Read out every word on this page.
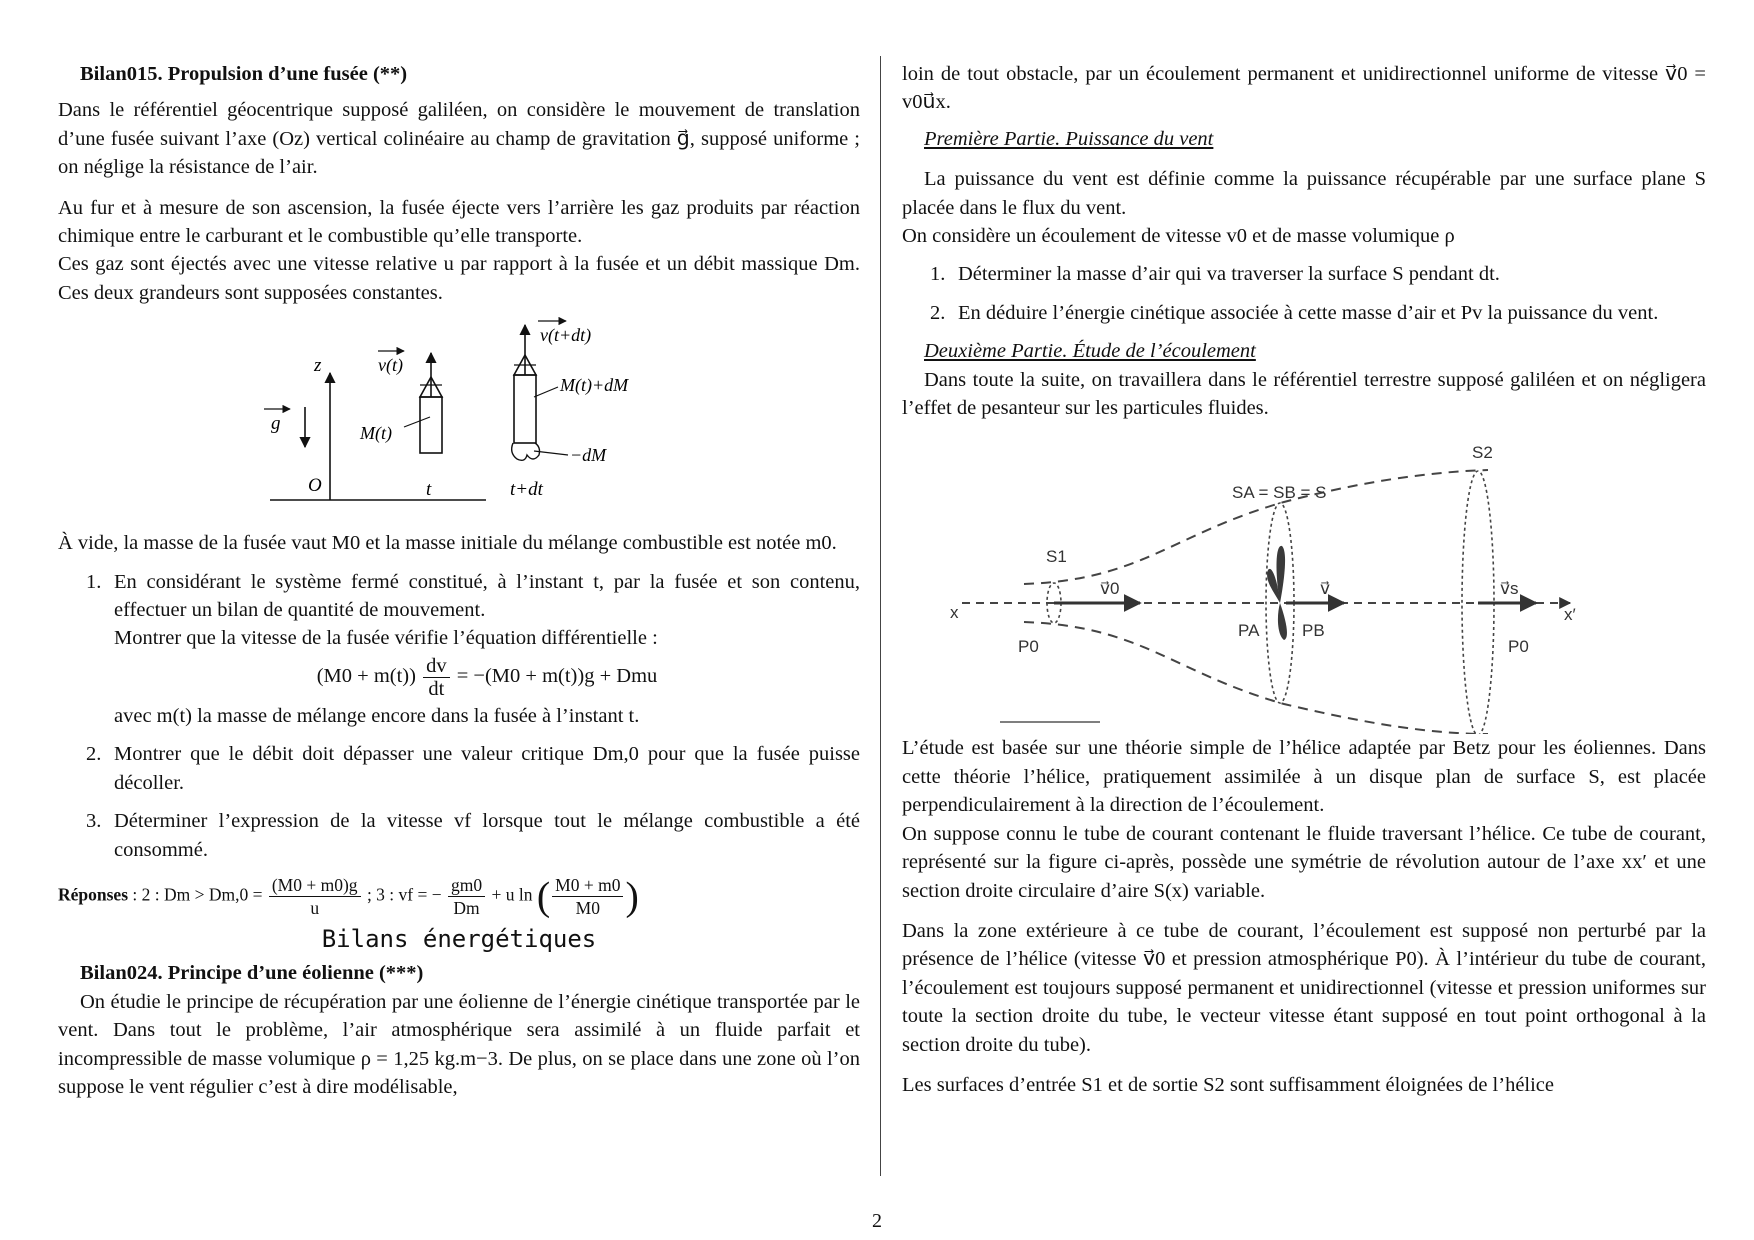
Bilan015. Propulsion d’une fusée (**)

Dans le référentiel géocentrique supposé galiléen, on considère le mouvement de translation d’une fusée suivant l’axe (Oz) vertical colinéaire au champ de gravitation g⃗, supposé uniforme ; on néglige la résistance de l’air.

Au fur et à mesure de son ascension, la fusée éjecte vers l’arrière les gaz produits par réaction chimique entre le carburant et le combustible qu’elle transporte.

Ces gaz sont éjectés avec une vitesse relative u par rapport à la fusée et un débit massique Dm. Ces deux grandeurs sont supposées constantes.

z
g
v(t)
M(t)
v(t+dt)
M(t)+dM
−dM
O	t	t+dt

À vide, la masse de la fusée vaut M0 et la masse initiale du mélange combustible est notée m0.

1. En considérant le système fermé constitué, à l’instant t, par la fusée et son contenu, effectuer un bilan de quantité de mouvement.
Montrer que la vitesse de la fusée vérifie l’équation différentielle :
$(M0 + m(t)) \frac{dv}{dt} = -(M0 + m(t))g$ + Dmu
avec m(t) la masse de mélange encore dans la fusée à l’instant t.
2. Montrer que le débit doit dépasser une valeur critique Dm,0 pour que la fusée puisse décoller.
3. Déterminer l’expression de la vitesse vf lorsque tout le mélange combustible a été consommé.
Réponses : 2 : $Dm > Dm,0 = \frac{(M0 + m0)g}{u}$ ; 3 : vf = − $\frac{gm0}{Dm} + u$ ln ( $\frac{M0 + m0}{M0}$ )
Bilans énergétiques

Bilan024. Principe d’une éolienne (***)

On étudie le principe de récupération par une éolienne de l’énergie cinétique transportée par le vent. Dans tout le problème, l’air atmosphérique sera assimilé à un fluide parfait et incompressible de masse volumique ρ = 1,25 kg.m−3. De plus, on se place dans une zone où l’on suppose le vent régulier c’est à dire modélisable,

loin de tout obstacle, par un écoulement permanent et unidirectionnel uniforme de vitesse v⃗0 = v0u⃗x.

Première Partie. Puissance du vent

La puissance du vent est définie comme la puissance récupérable par une surface plane S placée dans le flux du vent.

On considère un écoulement de vitesse v0 et de masse volumique ρ

1. Déterminer la masse d’air qui va traverser la surface S pendant dt.
2. En déduire l’énergie cinétique associée à cette masse d’air et Pv la puissance du vent.

Deuxième Partie. Étude de l’écoulement

Dans toute la suite, on travaillera dans le référentiel terrestre supposé galiléen et on négligera l’effet de pesanteur sur les particules fluides.

S2
SA = SB = S
S1
x	x′
v⃗0	v⃗	v⃗s
PA	PB
P0	P0

L’étude est basée sur une théorie simple de l’hélice adaptée par Betz pour les éoliennes. Dans cette théorie l’hélice, pratiquement assimilée à un disque plan de surface S, est placée perpendiculairement à la direction de l’écoulement.

On suppose connu le tube de courant contenant le fluide traversant l’hélice. Ce tube de courant, représenté sur la figure ci-après, possède une symétrie de révolution autour de l’axe xx′ et une section droite circulaire d’aire S(x) variable.

Dans la zone extérieure à ce tube de courant, l’écoulement est supposé non perturbé par la présence de l’hélice (vitesse v⃗0 et pression atmosphérique P0). À l’intérieur du tube de courant, l’écoulement est toujours supposé permanent et unidirectionnel (vitesse et pression uniformes sur toute la section droite du tube, le vecteur vitesse étant supposé en tout point orthogonal à la section droite du tube).

Les surfaces d’entrée S1 et de sortie S2 sont suffisamment éloignées de l’hélice

2
